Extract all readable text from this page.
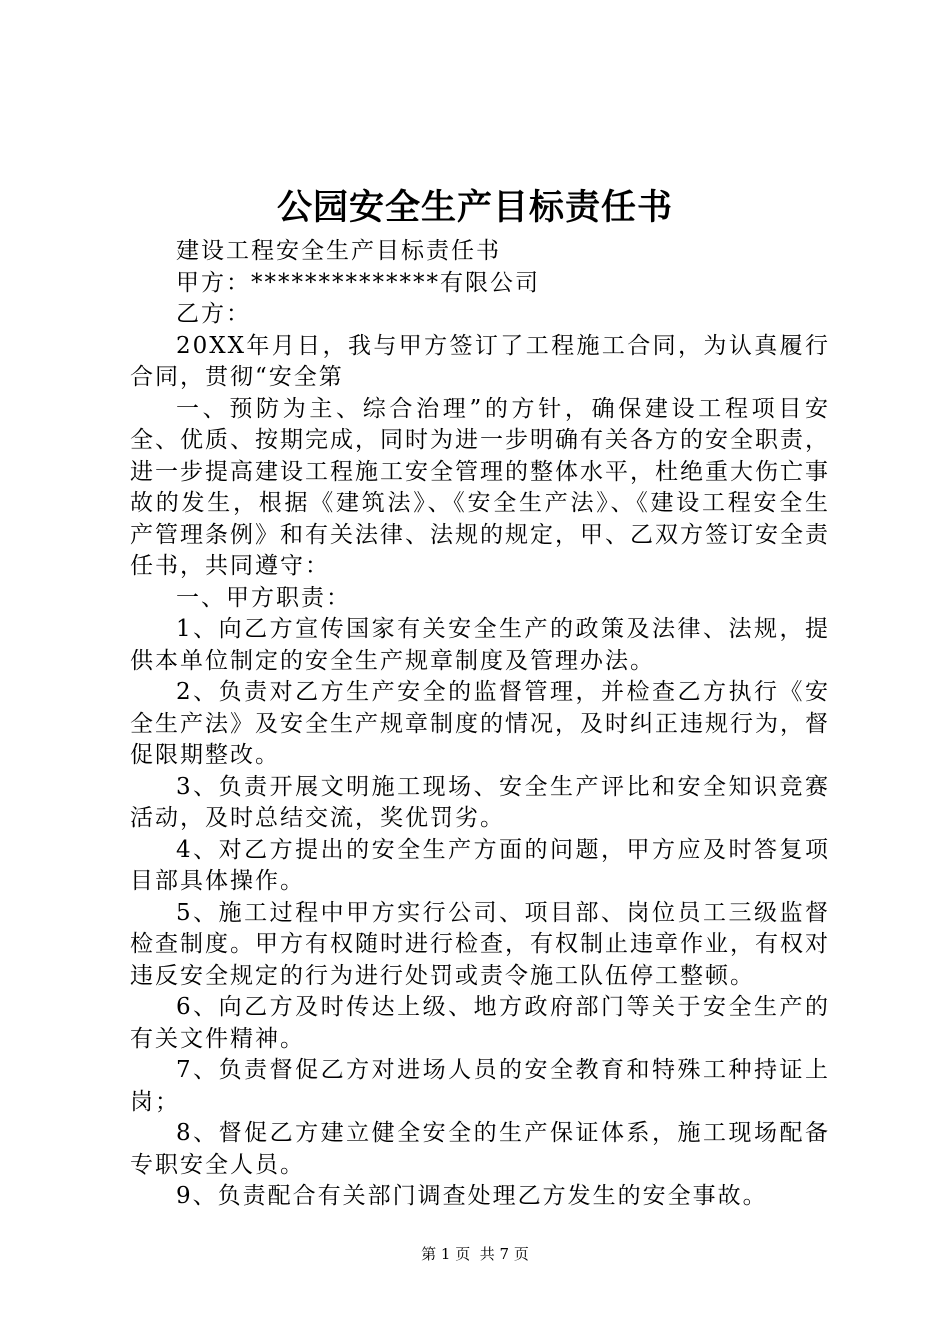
公园安全生产目标责任书

建设工程安全生产目标责任书

甲方：**************有限公司

乙方：

20XX年月日，我与甲方签订了工程施工合同，为认真履行合同，贯彻“安全第

一、预防为主、综合治理”的方针，确保建设工程项目安全、优质、按期完成，同时为进一步明确有关各方的安全职责，进一步提高建设工程施工安全管理的整体水平，杜绝重大伤亡事故的发生，根据《建筑法》、《安全生产法》、《建设工程安全生产管理条例》和有关法律、法规的规定，甲、乙双方签订安全责任书，共同遵守：

一、甲方职责：

1、向乙方宣传国家有关安全生产的政策及法律、法规，提供本单位制定的安全生产规章制度及管理办法。

2、负责对乙方生产安全的监督管理，并检查乙方执行《安全生产法》及安全生产规章制度的情况，及时纠正违规行为，督促限期整改。

3、负责开展文明施工现场、安全生产评比和安全知识竞赛活动，及时总结交流，奖优罚劣。

4、对乙方提出的安全生产方面的问题，甲方应及时答复项目部具体操作。

5、施工过程中甲方实行公司、项目部、岗位员工三级监督检查制度。甲方有权随时进行检查，有权制止违章作业，有权对违反安全规定的行为进行处罚或责令施工队伍停工整顿。

6、向乙方及时传达上级、地方政府部门等关于安全生产的有关文件精神。

7、负责督促乙方对进场人员的安全教育和特殊工种持证上岗；

8、督促乙方建立健全安全的生产保证体系，施工现场配备专职安全人员。

9、负责配合有关部门调查处理乙方发生的安全事故。

第 1 页 共 7 页
